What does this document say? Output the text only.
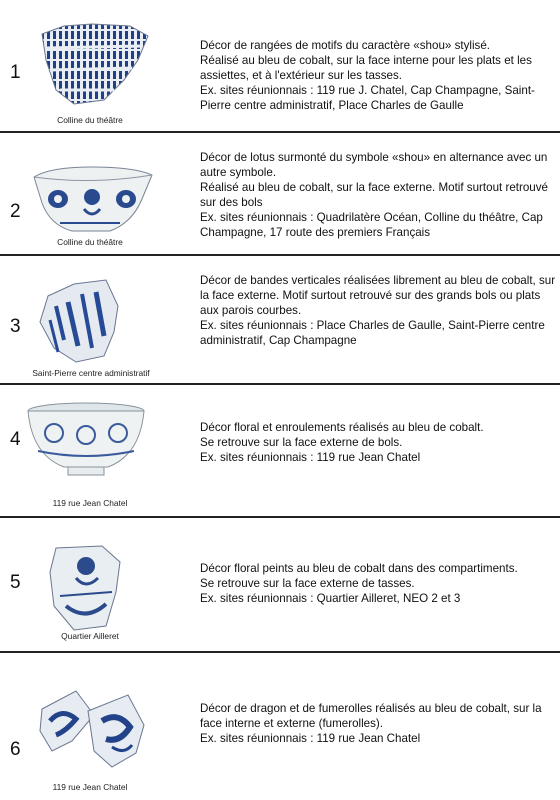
1
Colline du théâtre
Décor de rangées de motifs du caractère «shou» stylisé.
Réalisé au bleu de cobalt, sur la face interne pour les plats et les assiettes, et à l'extérieur sur les tasses.
Ex. sites réunionnais : 119 rue J. Chatel, Cap Champagne, Saint-Pierre centre administratif, Place Charles de Gaulle
2
Colline du théâtre
Décor de lotus surmonté du symbole «shou» en alternance avec un autre symbole.
Réalisé au bleu de cobalt, sur la face externe. Motif surtout retrouvé sur des bols
Ex. sites réunionnais : Quadrilatère Océan, Colline du théâtre, Cap Champagne, 17 route des premiers Français
3
Saint-Pierre centre administratif
Décor de bandes verticales réalisées librement au bleu de cobalt, sur la face externe. Motif surtout retrouvé sur des grands bols ou plats aux parois courbes.
Ex. sites réunionnais : Place Charles de Gaulle, Saint-Pierre centre administratif, Cap Champagne
4
119 rue Jean Chatel
Décor floral et enroulements réalisés au bleu de cobalt.
Se retrouve sur la face externe de bols.
Ex. sites réunionnais : 119 rue Jean Chatel
5
Quartier Ailleret
Décor floral peints au bleu de cobalt dans des compartiments.
Se retrouve sur la face externe de tasses.
Ex. sites réunionnais : Quartier Ailleret, NEO 2 et 3
6
119 rue Jean Chatel
Décor de dragon et de fumerolles réalisés au bleu de cobalt, sur la face interne et externe (fumerolles).
Ex. sites réunionnais : 119 rue Jean Chatel
